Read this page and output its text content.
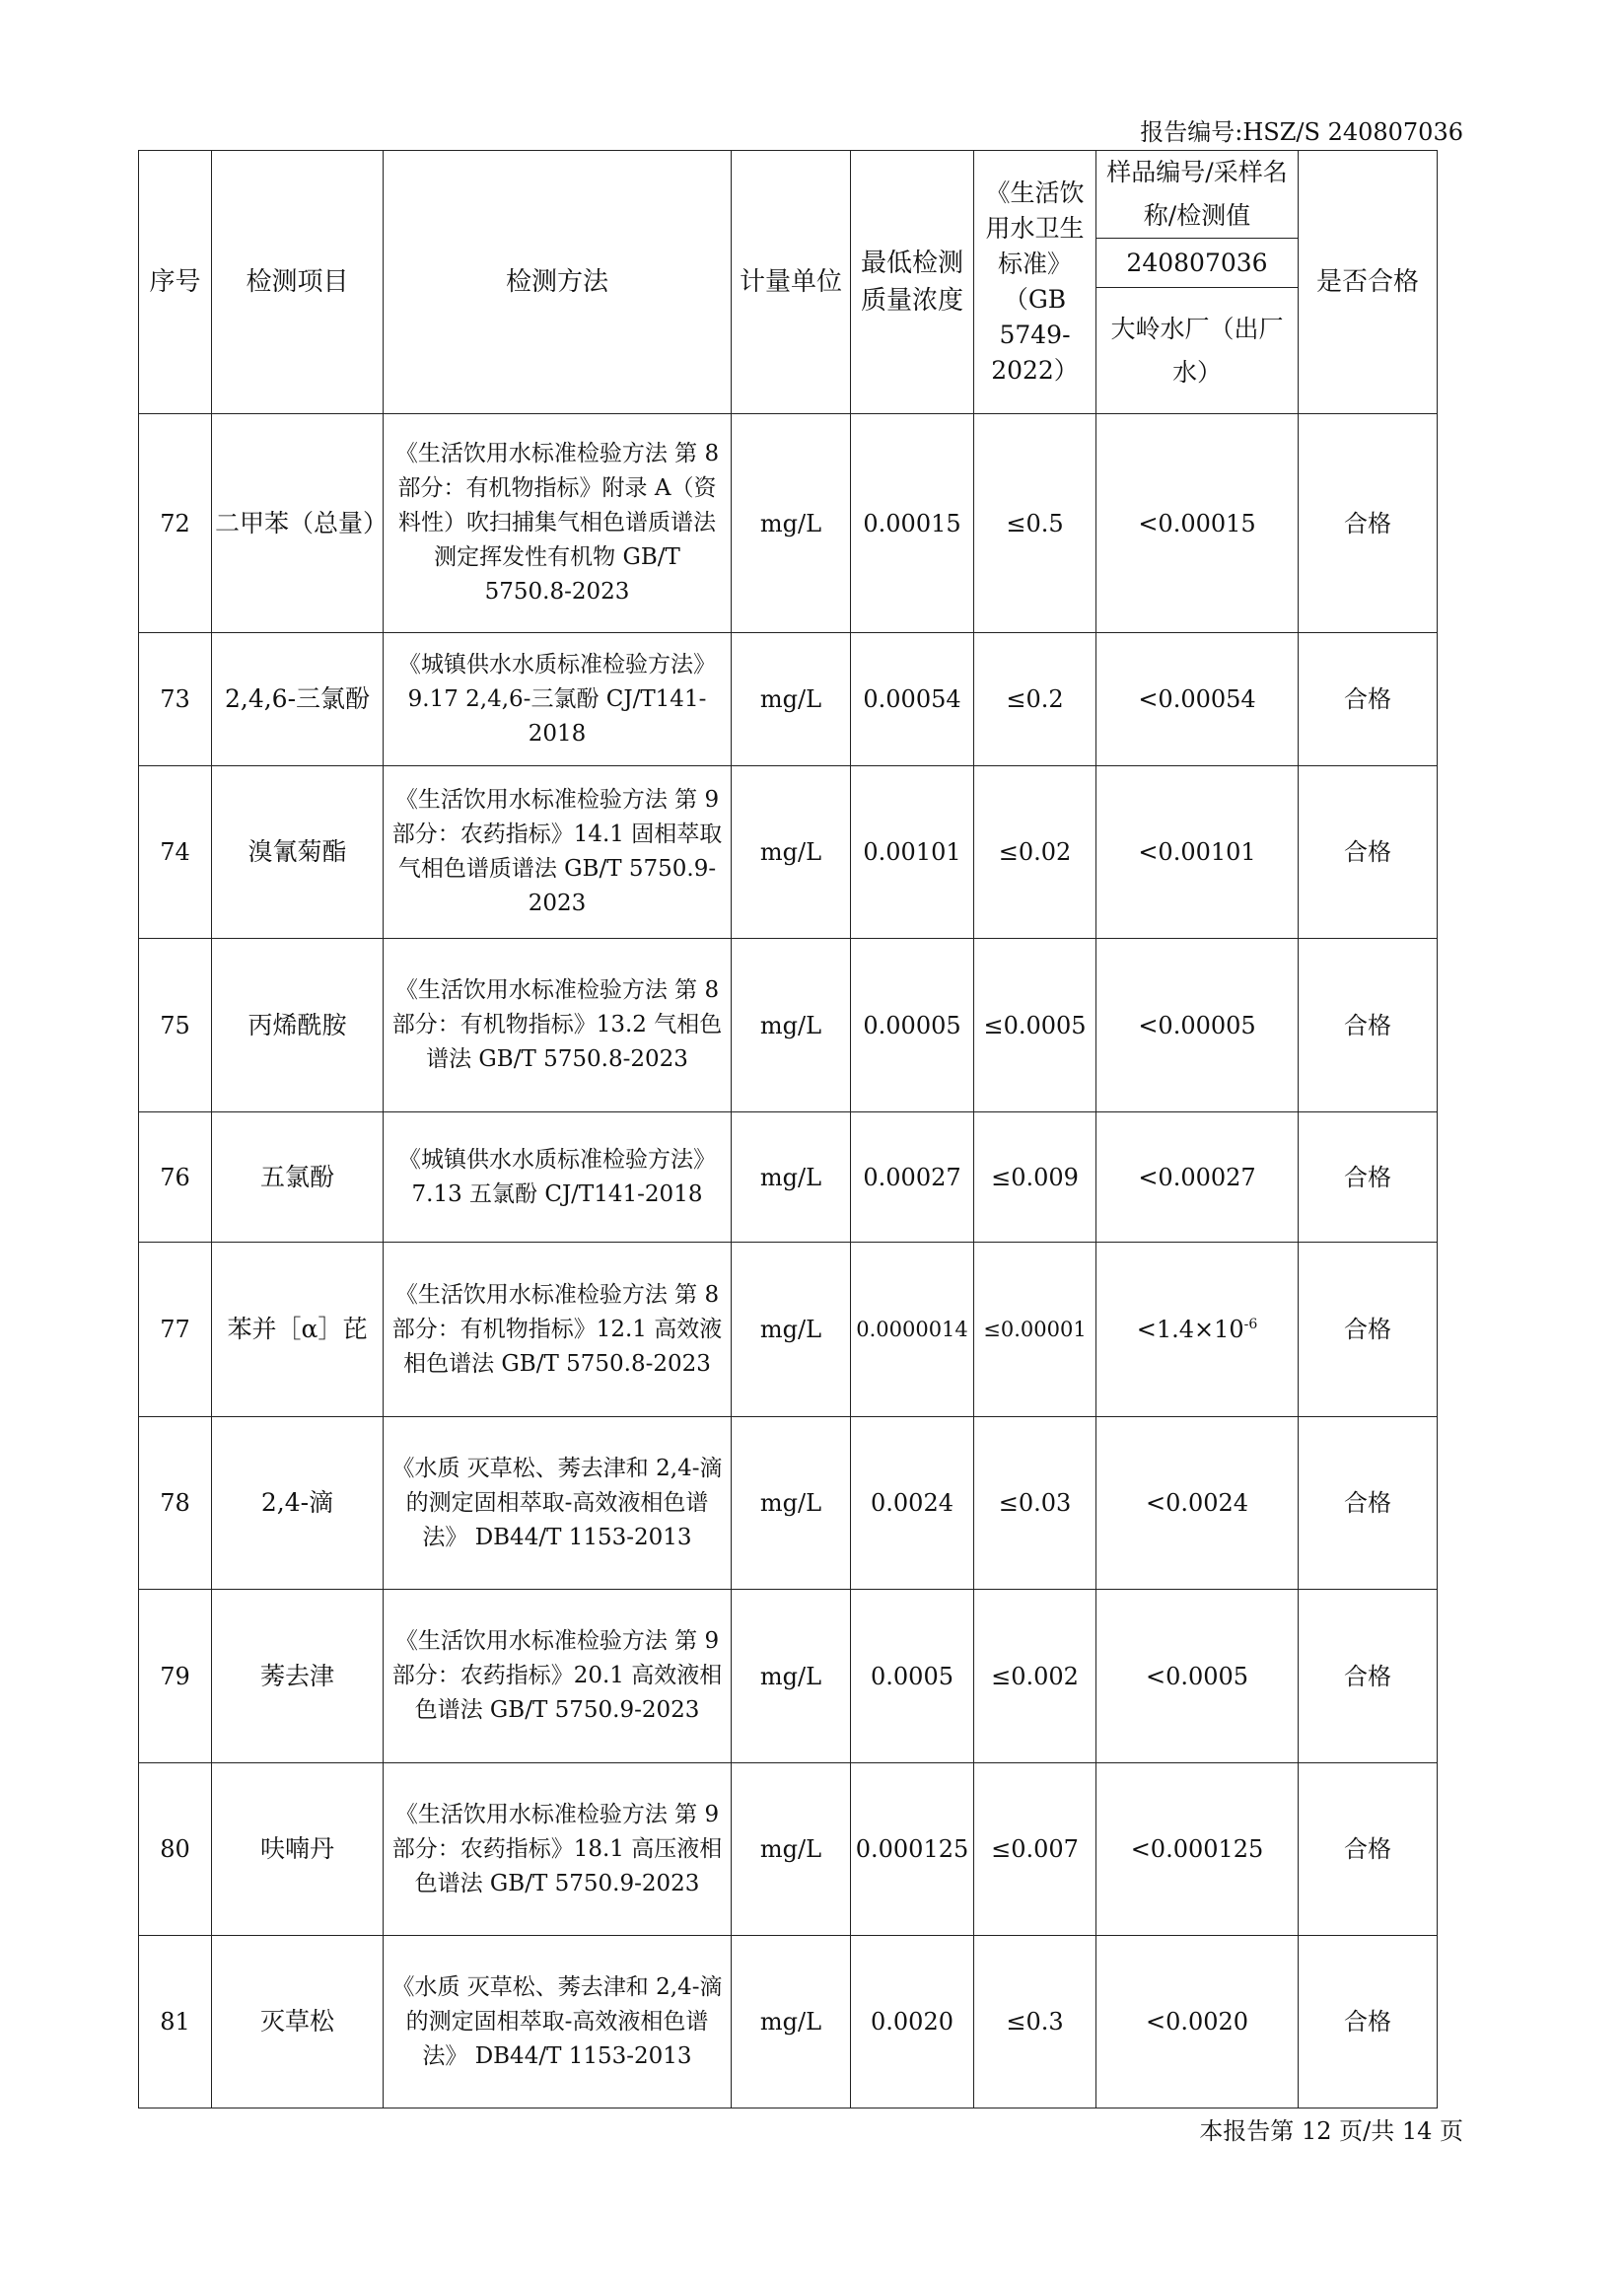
报告编号:HSZ/S 240807036
序号	检测项目	检测方法	计量单位	最低检测质量浓度	《生活饮用水卫生标准》（GB 5749-2022）	样品编号/采样名称/检测值	是否合格
						240807036	
						大岭水厂（出厂水）	
72	二甲苯（总量）	《生活饮用水标准检验方法 第 8 部分：有机物指标》附录 A（资料性）吹扫捕集气相色谱质谱法测定挥发性有机物 GB/T 5750.8-2023	mg/L	0.00015	≤0.5	<0.00015	合格
73	2,4,6-三氯酚	《城镇供水水质标准检验方法》9.17 2,4,6-三氯酚 CJ/T141-2018	mg/L	0.00054	≤0.2	<0.00054	合格
74	溴氰菊酯	《生活饮用水标准检验方法 第 9 部分：农药指标》14.1 固相萃取气相色谱质谱法 GB/T 5750.9-2023	mg/L	0.00101	≤0.02	<0.00101	合格
75	丙烯酰胺	《生活饮用水标准检验方法 第 8 部分：有机物指标》13.2 气相色谱法 GB/T 5750.8-2023	mg/L	0.00005	≤0.0005	<0.00005	合格
76	五氯酚	《城镇供水水质标准检验方法》7.13 五氯酚 CJ/T141-2018	mg/L	0.00027	≤0.009	<0.00027	合格
77	苯并［α］芘	《生活饮用水标准检验方法 第 8 部分：有机物指标》12.1 高效液相色谱法 GB/T 5750.8-2023	mg/L	0.0000014	≤0.00001	$<1.4\times 10^{-6}$	合格
78	2,4-滴	《水质 灭草松、莠去津和 2,4-滴的测定固相萃取-高效液相色谱法》 DB44/T 1153-2013	mg/L	0.0024	≤0.03	<0.0024	合格
79	莠去津	《生活饮用水标准检验方法 第 9 部分：农药指标》20.1 高效液相色谱法 GB/T 5750.9-2023	mg/L	0.0005	≤0.002	<0.0005	合格
80	呋喃丹	《生活饮用水标准检验方法 第 9 部分：农药指标》18.1 高压液相色谱法 GB/T 5750.9-2023	mg/L	0.000125	≤0.007	<0.000125	合格
81	灭草松	《水质 灭草松、莠去津和 2,4-滴的测定固相萃取-高效液相色谱法》 DB44/T 1153-2013	mg/L	0.0020	≤0.3	<0.0020	合格
本报告第 12 页/共 14 页
